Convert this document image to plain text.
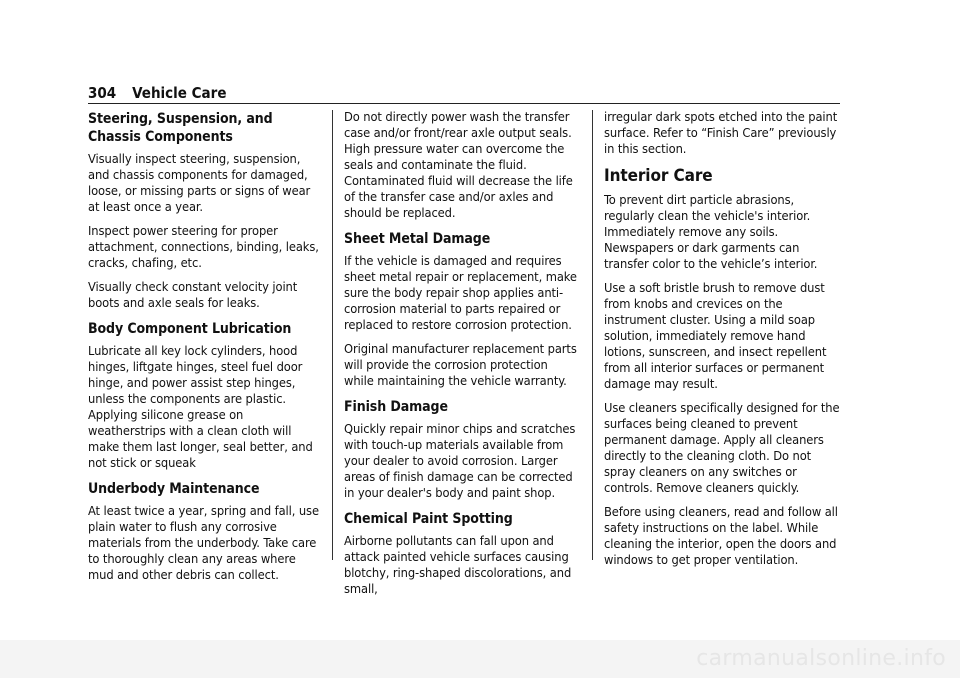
304 Vehicle Care
Steering, Suspension, and Chassis Components

Visually inspect steering, suspension, and chassis components for damaged, loose, or missing parts or signs of wear at least once a year.

Inspect power steering for proper attachment, connections, binding, leaks, cracks, chafing, etc.

Visually check constant velocity joint boots and axle seals for leaks.

Body Component Lubrication

Lubricate all key lock cylinders, hood hinges, liftgate hinges, steel fuel door hinge, and power assist step hinges, unless the components are plastic. Applying silicone grease on weatherstrips with a clean cloth will make them last longer, seal better, and not stick or squeak

Underbody Maintenance

At least twice a year, spring and fall, use plain water to flush any corrosive materials from the underbody. Take care to thoroughly clean any areas where mud and other debris can collect.

Do not directly power wash the transfer case and/or front/rear axle output seals. High pressure water can overcome the seals and contaminate the fluid. Contaminated fluid will decrease the life of the transfer case and/or axles and should be replaced.

Sheet Metal Damage

If the vehicle is damaged and requires sheet metal repair or replacement, make sure the body repair shop applies anti-corrosion material to parts repaired or replaced to restore corrosion protection.

Original manufacturer replacement parts will provide the corrosion protection while maintaining the vehicle warranty.

Finish Damage

Quickly repair minor chips and scratches with touch-up materials available from your dealer to avoid corrosion. Larger areas of finish damage can be corrected in your dealer's body and paint shop.

Chemical Paint Spotting

Airborne pollutants can fall upon and attack painted vehicle surfaces causing blotchy, ring-shaped discolorations, and small,

irregular dark spots etched into the paint surface. Refer to “Finish Care” previously in this section.

Interior Care

To prevent dirt particle abrasions, regularly clean the vehicle's interior. Immediately remove any soils. Newspapers or dark garments can transfer color to the vehicle’s interior.

Use a soft bristle brush to remove dust from knobs and crevices on the instrument cluster. Using a mild soap solution, immediately remove hand lotions, sunscreen, and insect repellent from all interior surfaces or permanent damage may result.

Use cleaners specifically designed for the surfaces being cleaned to prevent permanent damage. Apply all cleaners directly to the cleaning cloth. Do not spray cleaners on any switches or controls. Remove cleaners quickly.

Before using cleaners, read and follow all safety instructions on the label. While cleaning the interior, open the doors and windows to get proper ventilation.

carmanualsonline.info
